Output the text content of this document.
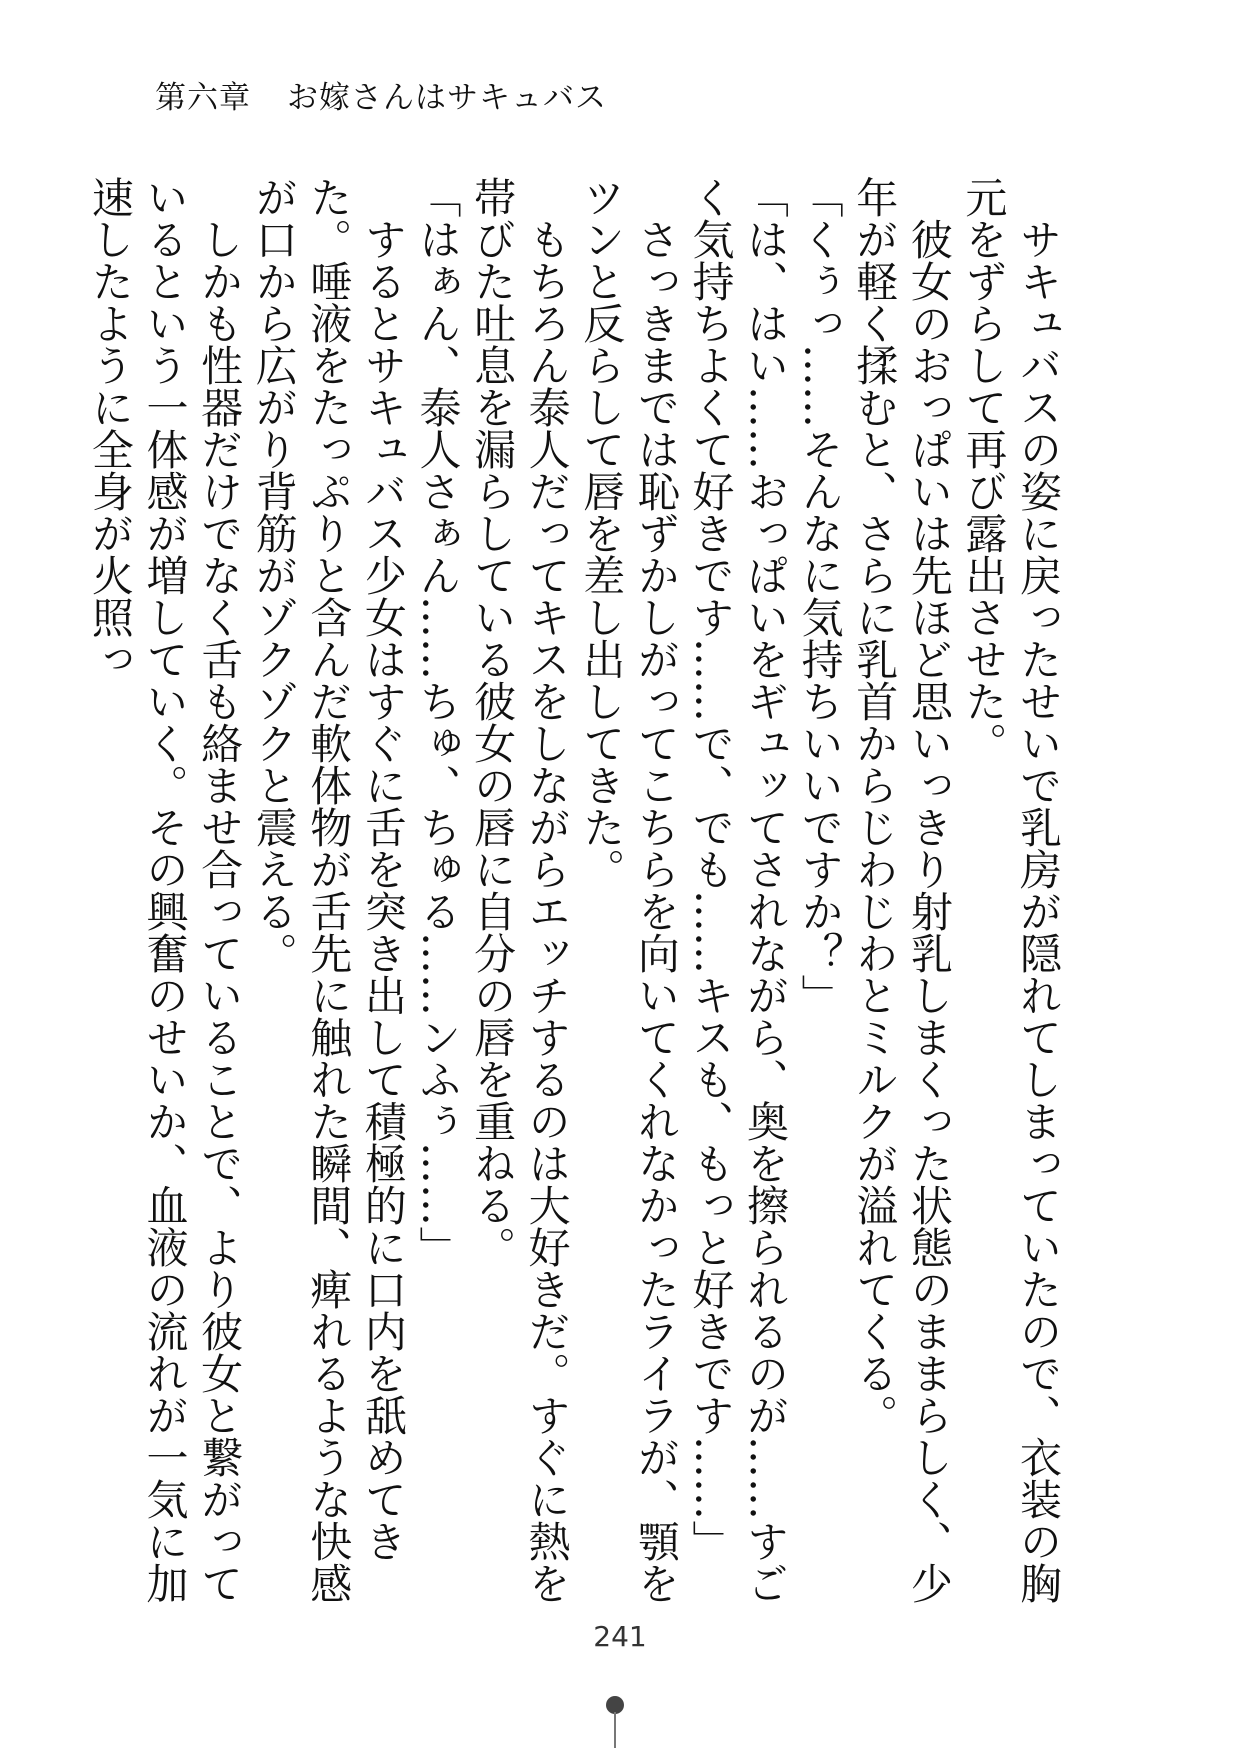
第六章 お嫁さんはサキュバス

　サキュバスの姿に戻ったせいで乳房が隠れてしまっていたので、衣装の胸元をずらして再び露出させた。

　彼女のおっぱいは先ほど思いっきり射乳しまくった状態のままらしく、少年が軽く揉むと、さらに乳首からじわじわとミルクが溢れてくる。

「くぅっ……そんなに気持ちいいですか？」

「は、はい……おっぱいをギュッてされながら、奥を擦られるのが……すごく気持ちよくて好きです……で、でも……キスも、もっと好きです……」

　さっきまでは恥ずかしがってこちらを向いてくれなかったライラが、顎をツンと反らして唇を差し出してきた。

　もちろん泰人だってキスをしながらエッチするのは大好きだ。すぐに熱を帯びた吐息を漏らしている彼女の唇に自分の唇を重ねる。

「はぁん、泰人さぁん……ちゅ、ちゅる……ンふぅ……」

　するとサキュバス少女はすぐに舌を突き出して積極的に口内を舐めてきた。唾液をたっぷりと含んだ軟体物が舌先に触れた瞬間、痺れるような快感が口から広がり背筋がゾクゾクと震える。

　しかも性器だけでなく舌も絡ませ合っていることで、より彼女と繋がっているという一体感が増していく。その興奮のせいか、血液の流れが一気に加速したように全身が火照っ

241
